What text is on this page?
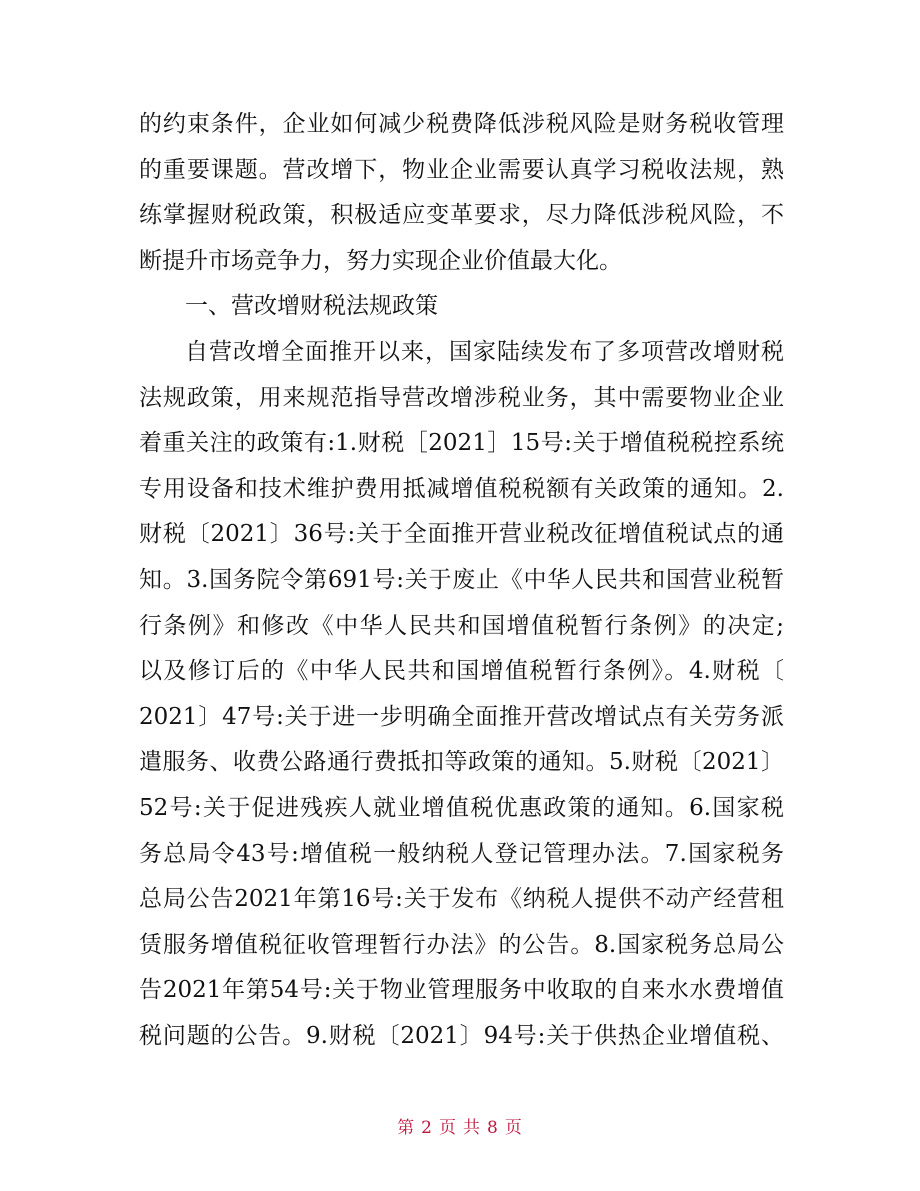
的约束条件，企业如何减少税费降低涉税风险是财务税收管理
的重要课题。营改增下，物业企业需要认真学习税收法规，熟
练掌握财税政策，积极适应变革要求，尽力降低涉税风险，不
断提升市场竞争力，努力实现企业价值最大化。
一、营改增财税法规政策
自营改增全面推开以来，国家陆续发布了多项营改增财税
法规政策，用来规范指导营改增涉税业务，其中需要物业企业
着重关注的政策有:1.财税［2021］15号:关于增值税税控系统
专用设备和技术维护费用抵减增值税税额有关政策的通知。2.
财税〔2021〕36号:关于全面推开营业税改征增值税试点的通
知。3.国务院令第691号:关于废止《中华人民共和国营业税暂
行条例》和修改《中华人民共和国增值税暂行条例》的决定;
以及修订后的《中华人民共和国增值税暂行条例》。4.财税〔
2021〕47号:关于进一步明确全面推开营改增试点有关劳务派
遣服务、收费公路通行费抵扣等政策的通知。5.财税〔2021〕
52号:关于促进残疾人就业增值税优惠政策的通知。6.国家税
务总局令43号:增值税一般纳税人登记管理办法。7.国家税务
总局公告2021年第16号:关于发布《纳税人提供不动产经营租
赁服务增值税征收管理暂行办法》的公告。8.国家税务总局公
告2021年第54号:关于物业管理服务中收取的自来水水费增值
税问题的公告。9.财税〔2021〕94号:关于供热企业增值税、
第 2 页 共 8 页
